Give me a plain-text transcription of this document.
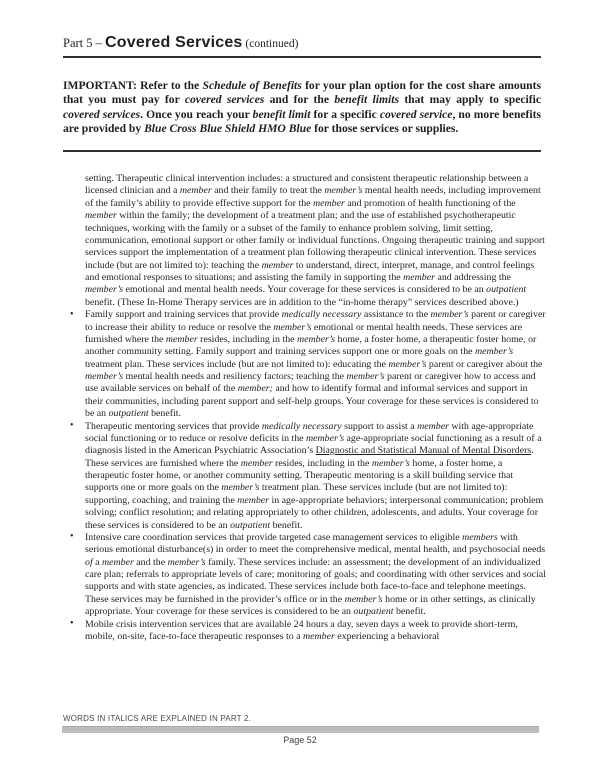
Part 5 – Covered Services (continued)

IMPORTANT: Refer to the Schedule of Benefits for your plan option for the cost share amounts that you must pay for covered services and for the benefit limits that may apply to specific covered services. Once you reach your benefit limit for a specific covered service, no more benefits are provided by Blue Cross Blue Shield HMO Blue for those services or supplies.

setting. Therapeutic clinical intervention includes: a structured and consistent therapeutic relationship between a licensed clinician and a member and their family to treat the member’s mental health needs, including improvement of the family’s ability to provide effective support for the member and promotion of health functioning of the member within the family; the development of a treatment plan; and the use of established psychotherapeutic techniques, working with the family or a subset of the family to enhance problem solving, limit setting, communication, emotional support or other family or individual functions. Ongoing therapeutic training and support services support the implementation of a treatment plan following therapeutic clinical intervention. These services include (but are not limited to): teaching the member to understand, direct, interpret, manage, and control feelings and emotional responses to situations; and assisting the family in supporting the member and addressing the member’s emotional and mental health needs. Your coverage for these services is considered to be an outpatient benefit. (These In-Home Therapy services are in addition to the “in-home therapy” services described above.)

• Family support and training services that provide medically necessary assistance to the member’s parent or caregiver to increase their ability to reduce or resolve the member’s emotional or mental health needs. These services are furnished where the member resides, including in the member’s home, a foster home, a therapeutic foster home, or another community setting. Family support and training services support one or more goals on the member’s treatment plan. These services include (but are not limited to): educating the member’s parent or caregiver about the member’s mental health needs and resiliency factors; teaching the member’s parent or caregiver how to access and use available services on behalf of the member; and how to identify formal and informal services and support in their communities, including parent support and self-help groups. Your coverage for these services is considered to be an outpatient benefit.
• Therapeutic mentoring services that provide medically necessary support to assist a member with age-appropriate social functioning or to reduce or resolve deficits in the member’s age-appropriate social functioning as a result of a diagnosis listed in the American Psychiatric Association’s Diagnostic and Statistical Manual of Mental Disorders. These services are furnished where the member resides, including in the member’s home, a foster home, a therapeutic foster home, or another community setting. Therapeutic mentoring is a skill building service that supports one or more goals on the member’s treatment plan. These services include (but are not limited to): supporting, coaching, and training the member in age-appropriate behaviors; interpersonal communication; problem solving; conflict resolution; and relating appropriately to other children, adolescents, and adults. Your coverage for these services is considered to be an outpatient benefit.
• Intensive care coordination services that provide targeted case management services to eligible members with serious emotional disturbance(s) in order to meet the comprehensive medical, mental health, and psychosocial needs of a member and the member’s family. These services include: an assessment; the development of an individualized care plan; referrals to appropriate levels of care; monitoring of goals; and coordinating with other services and social supports and with state agencies, as indicated. These services include both face-to-face and telephone meetings. These services may be furnished in the provider’s office or in the member’s home or in other settings, as clinically appropriate. Your coverage for these services is considered to be an outpatient benefit.
• Mobile crisis intervention services that are available 24 hours a day, seven days a week to provide short-term, mobile, on-site, face-to-face therapeutic responses to a member experiencing a behavioral
WORDS IN ITALICS ARE EXPLAINED IN PART 2.
Page 52
